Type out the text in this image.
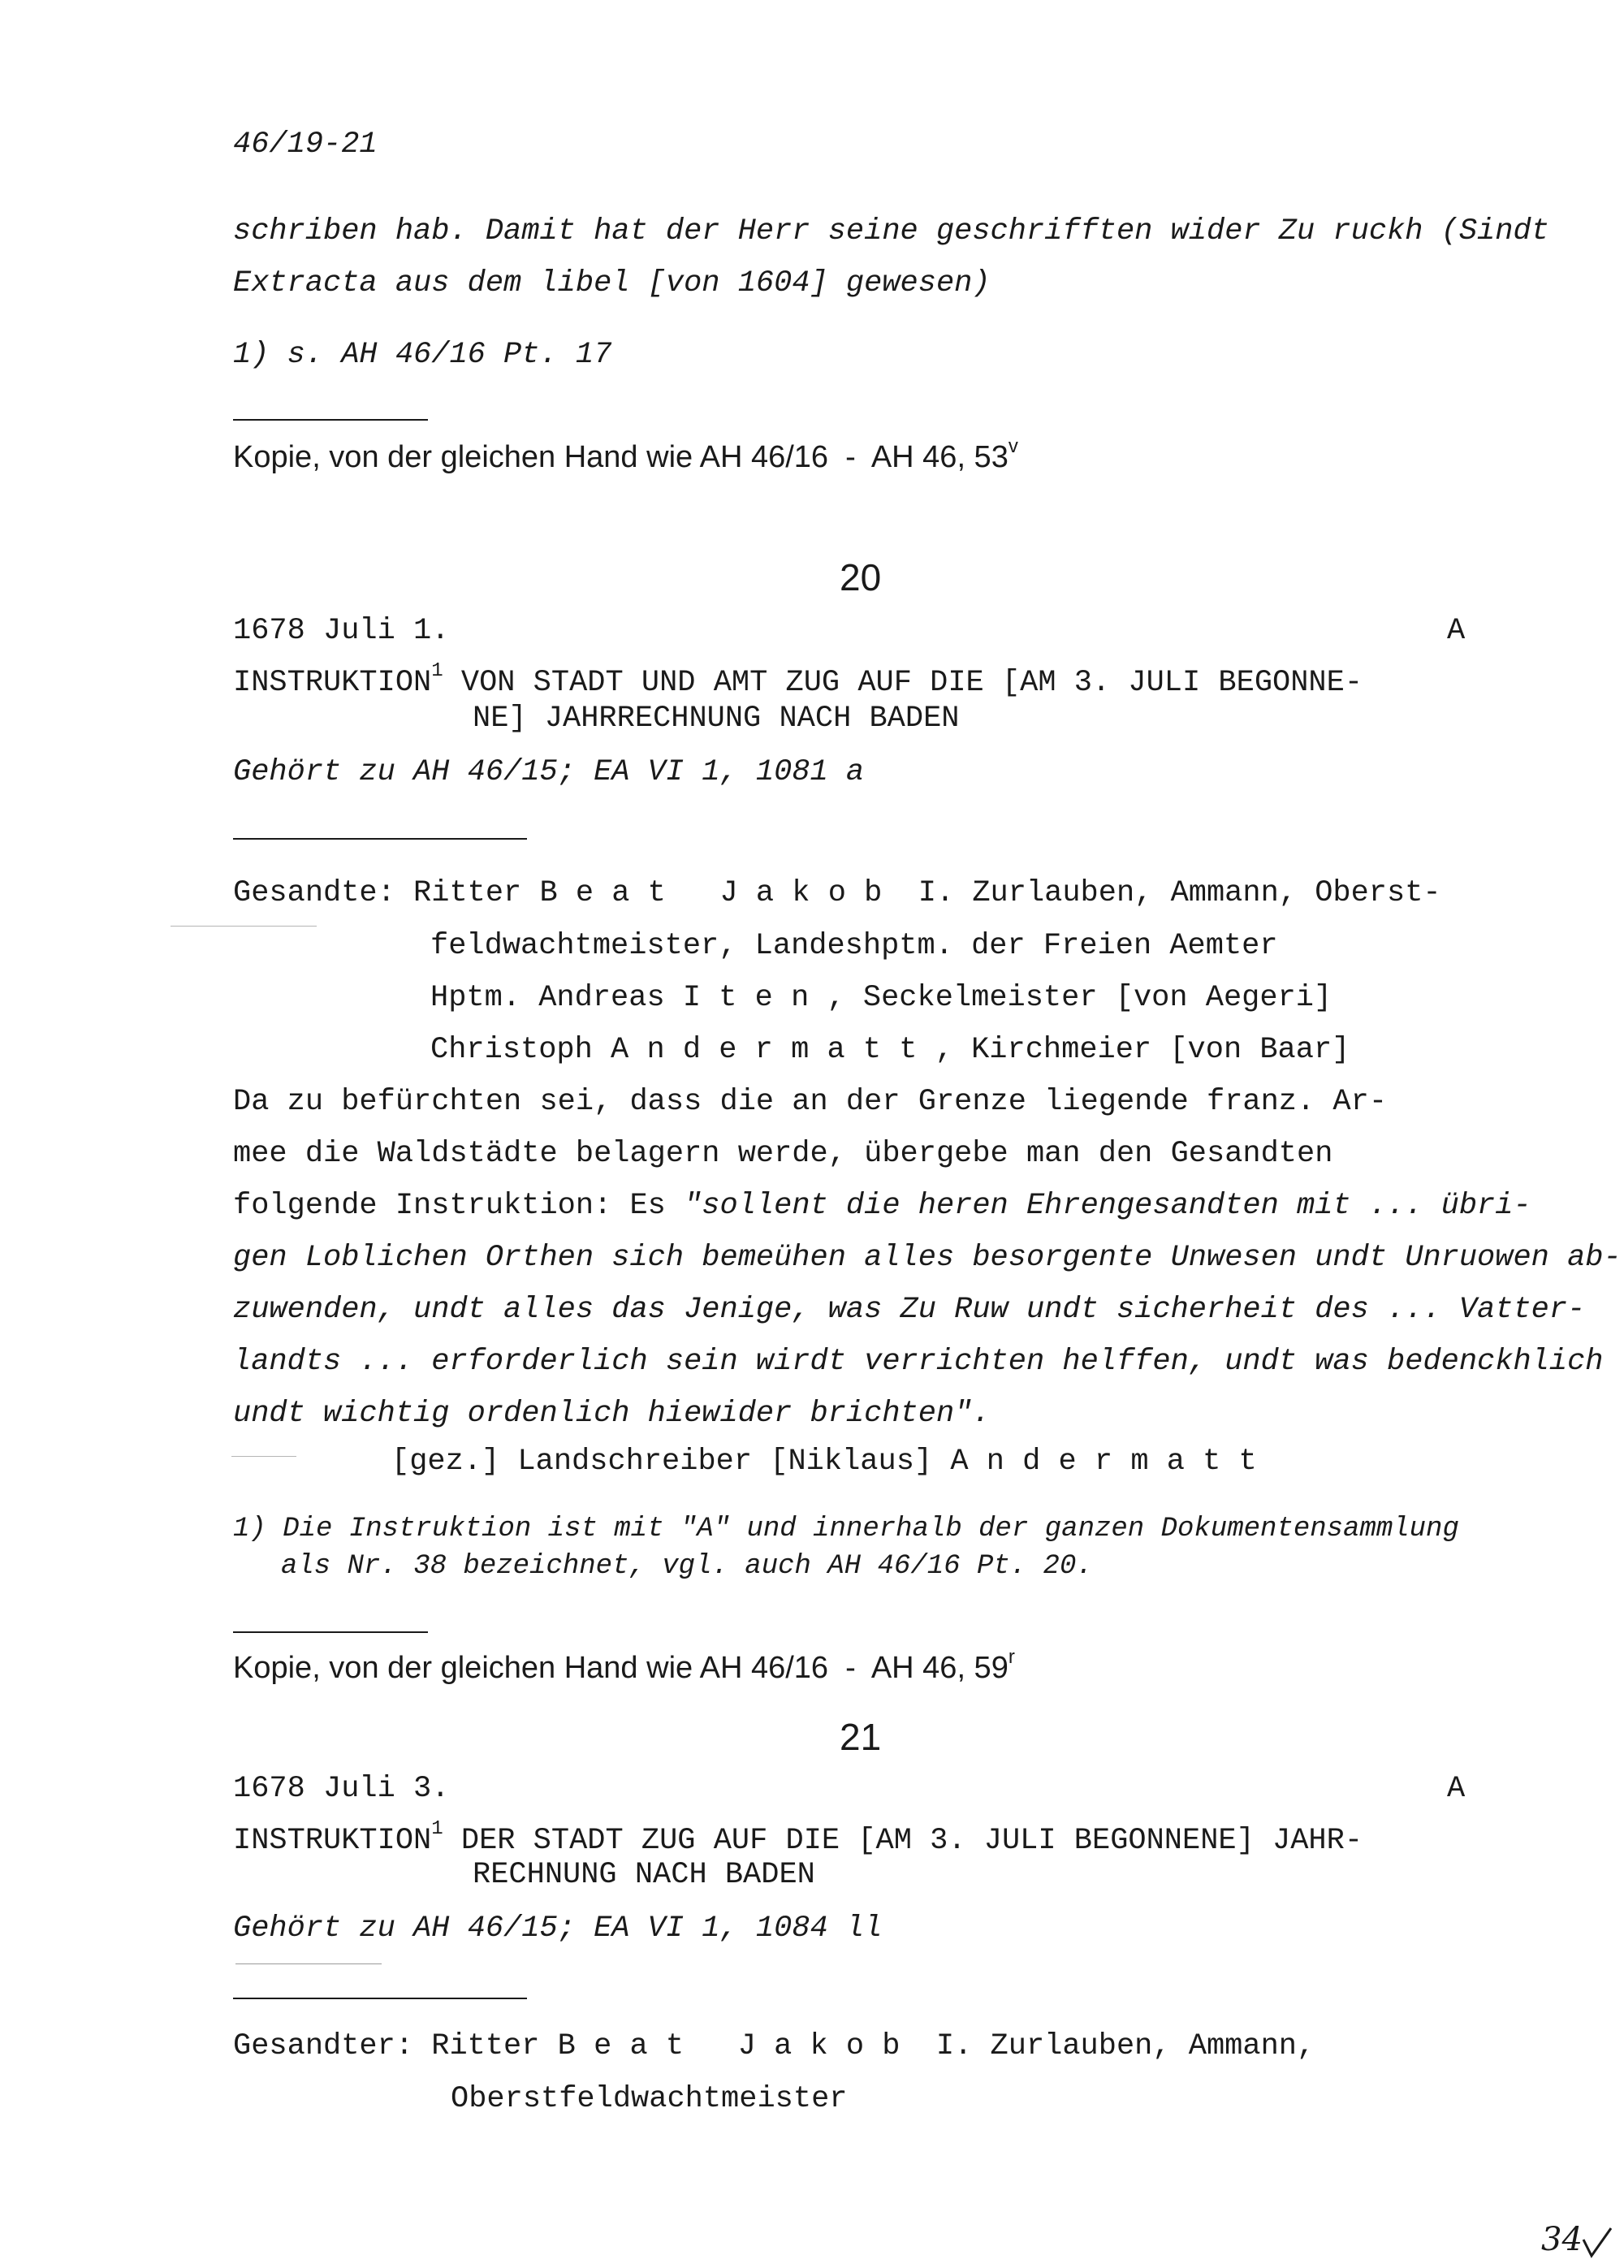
46/19-21
schriben hab. Damit hat der Herr seine geschrifften wider Zu ruckh (Sindt
Extracta aus dem libel [von 1604] gewesen)
1) s. AH 46/16 Pt. 17
Kopie, von der gleichen Hand wie AH 46/16  -  AH 46, 53$^v$
20
1678 Juli 1.	A
INSTRUKTION$^1$ VON STADT UND AMT ZUG AUF DIE [AM 3. JULI BEGONNE-
NE] JAHRRECHNUNG NACH BADEN
Gehört zu AH 46/15; EA VI 1, 1081 a
Gesandte: Ritter Beat Jakob I. Zurlauben, Ammann, Oberst-
feldwachtmeister, Landeshptm. der Freien Aemter
Hptm. Andreas Iten, Seckelmeister [von Aegeri]
Christoph Andermatt, Kirchmeier [von Baar]
Da zu befürchten sei, dass die an der Grenze liegende franz. Ar-
mee die Waldstädte belagern werde, übergebe man den Gesandten
folgende Instruktion: Es "sollent die heren Ehrengesandten mit ... übri-
gen Loblichen Orthen sich bemeühen alles besorgente Unwesen undt Unruowen ab-
zuwenden, undt alles das Jenige, was Zu Ruw undt sicherheit des ... Vatter-
landts ... erforderlich sein wirdt verrichten helffen, undt was bedenckhlich
undt wichtig ordenlich hiewider brichten".
[gez.] Landschreiber [Niklaus] Andermatt
1) Die Instruktion ist mit "A" und innerhalb der ganzen Dokumentensammlung
als Nr. 38 bezeichnet, vgl. auch AH 46/16 Pt. 20.
Kopie, von der gleichen Hand wie AH 46/16  -  AH 46, 59$^r$
21
1678 Juli 3.	A
INSTRUKTION$^1$ DER STADT ZUG AUF DIE [AM 3. JULI BEGONNENE] JAHR-
RECHNUNG NACH BADEN
Gehört zu AH 46/15; EA VI 1, 1084 ll
Gesandter: Ritter Beat Jakob I. Zurlauben, Ammann,
Oberstfeldwachtmeister
34
